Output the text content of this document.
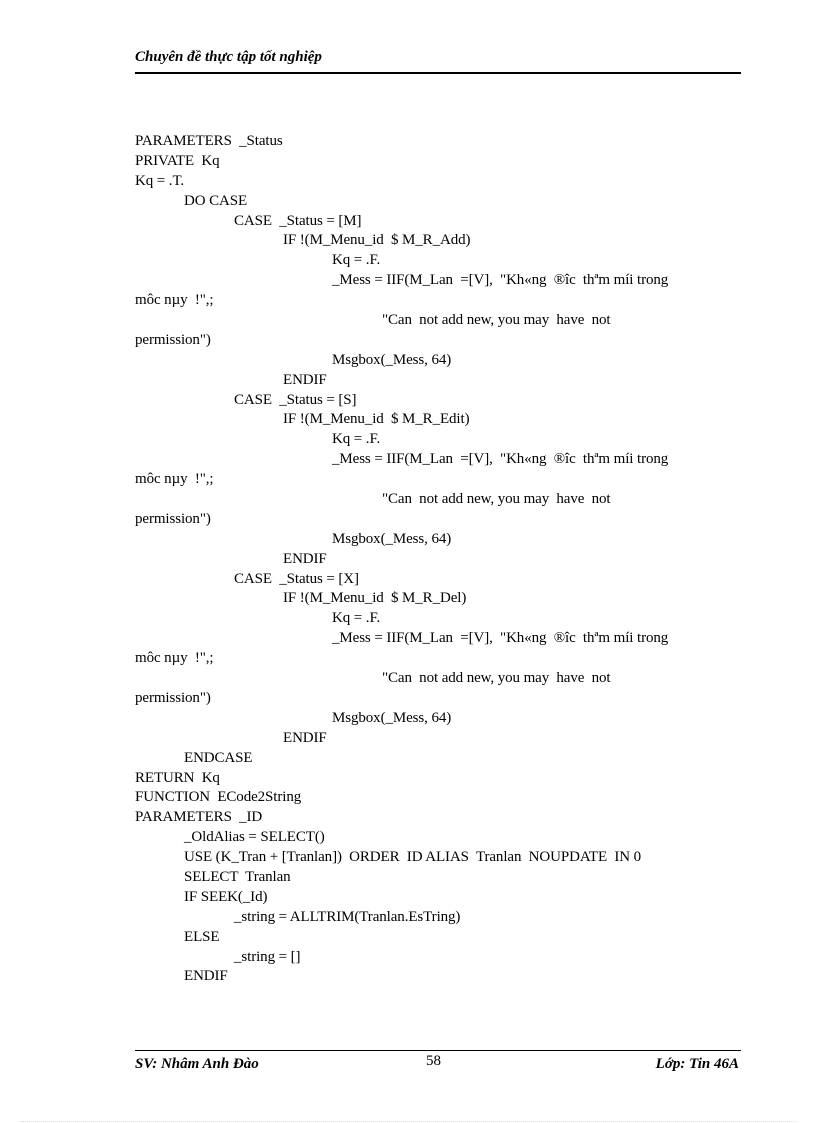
Chuyên đề thực tập tốt nghiệp
PARAMETERS  _Status
PRIVATE  Kq
Kq = .T.
DO CASE
CASE  _Status = [M]
IF !(M_Menu_id  $ M_R_Add)
Kq = .F.
_Mess = IIF(M_Lan  =[V],  "Kh«ng  ®îc  thªm míi trong
môc nµy  !",;
"Can  not add new, you may  have  not
permission")
Msgbox(_Mess, 64)
ENDIF
CASE  _Status = [S]
IF !(M_Menu_id  $ M_R_Edit)
Kq = .F.
_Mess = IIF(M_Lan  =[V],  "Kh«ng  ®îc  thªm míi trong
môc nµy  !",;
"Can  not add new, you may  have  not
permission")
Msgbox(_Mess, 64)
ENDIF
CASE  _Status = [X]
IF !(M_Menu_id  $ M_R_Del)
Kq = .F.
_Mess = IIF(M_Lan  =[V],  "Kh«ng  ®îc  thªm míi trong
môc nµy  !",;
"Can  not add new, you may  have  not
permission")
Msgbox(_Mess, 64)
ENDIF
ENDCASE
RETURN  Kq
FUNCTION  ECode2String
PARAMETERS  _ID
_OldAlias = SELECT()
USE (K_Tran + [Tranlan])  ORDER  ID ALIAS  Tranlan  NOUPDATE  IN 0
SELECT  Tranlan
IF SEEK(_Id)
_string = ALLTRIM(Tranlan.EsTring)
ELSE
_string = []
ENDIF
SV: Nhâm Anh Đào	58	Lớp: Tin 46A
